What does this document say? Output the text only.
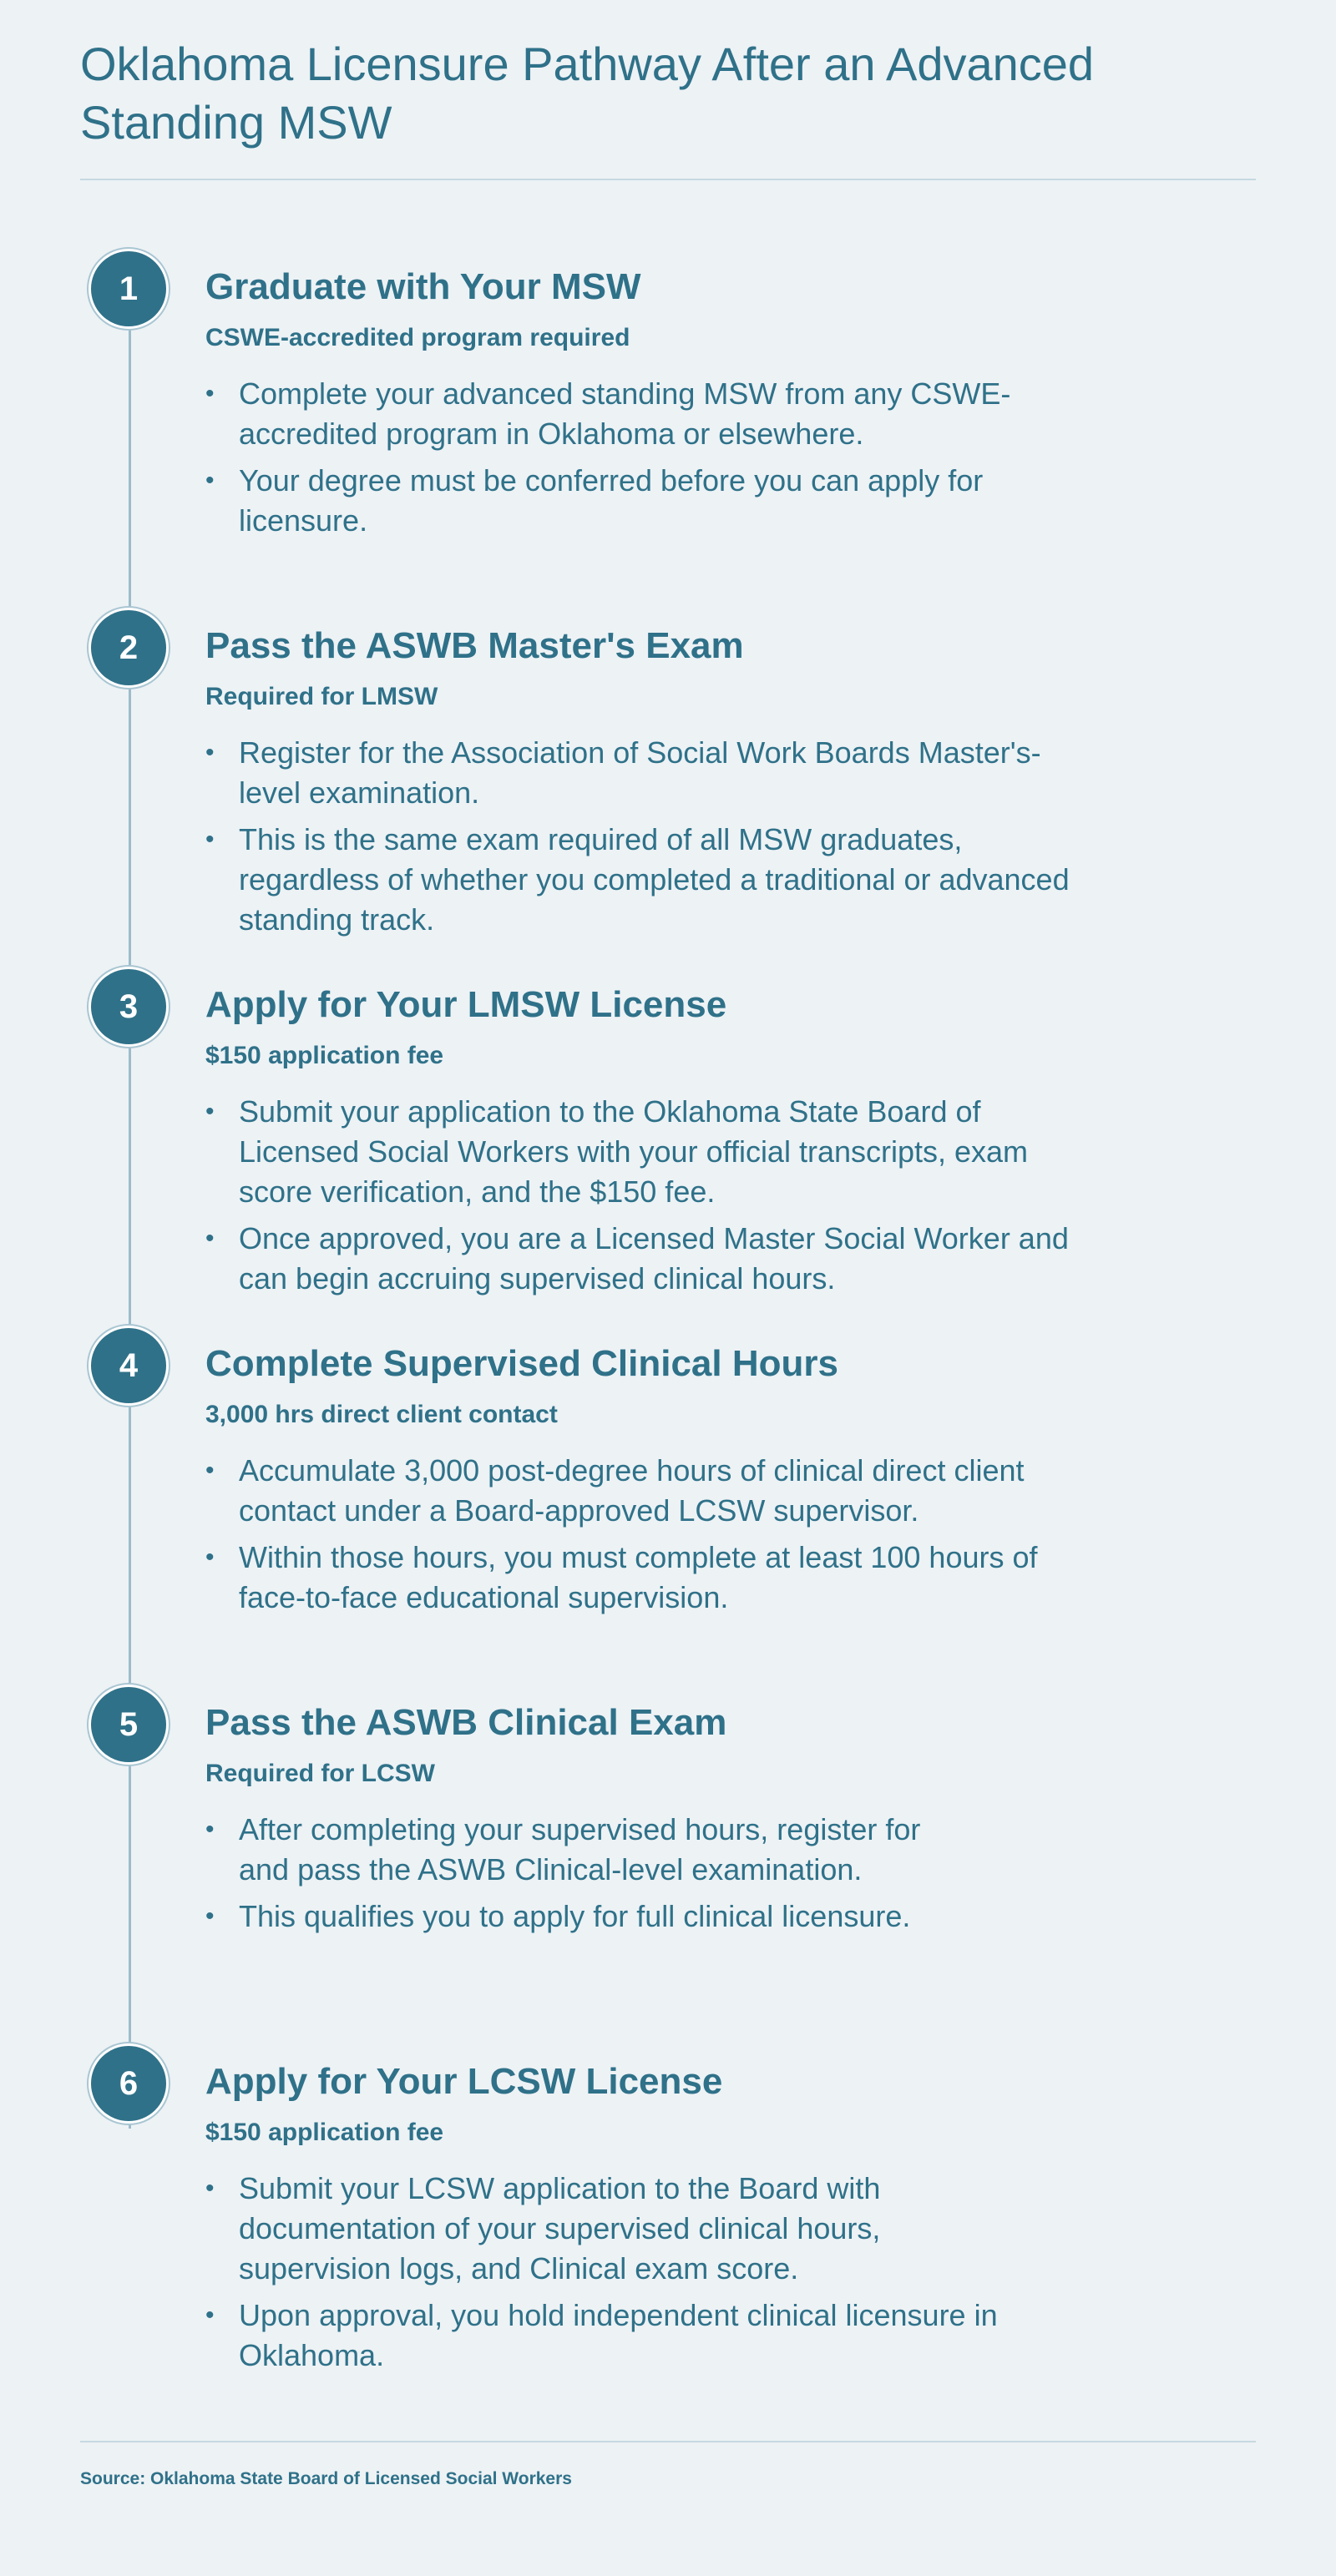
Oklahoma Licensure Pathway After an Advanced Standing MSW
1	Graduate with Your MSW
CSWE-accredited program required
• Complete your advanced standing MSW from any CSWE-accredited program in Oklahoma or elsewhere.
• Your degree must be conferred before you can apply for licensure.
2	Pass the ASWB Master's Exam
Required for LMSW
• Register for the Association of Social Work Boards Master's-level examination.
• This is the same exam required of all MSW graduates, regardless of whether you completed a traditional or advanced standing track.
3	Apply for Your LMSW License
$150 application fee
• Submit your application to the Oklahoma State Board of Licensed Social Workers with your official transcripts, exam score verification, and the $150 fee.
• Once approved, you are a Licensed Master Social Worker and can begin accruing supervised clinical hours.
4	Complete Supervised Clinical Hours
3,000 hrs direct client contact
• Accumulate 3,000 post-degree hours of clinical direct client contact under a Board-approved LCSW supervisor.
• Within those hours, you must complete at least 100 hours of face-to-face educational supervision.
5	Pass the ASWB Clinical Exam
Required for LCSW
• After completing your supervised hours, register for and pass the ASWB Clinical-level examination.
• This qualifies you to apply for full clinical licensure.
6	Apply for Your LCSW License
$150 application fee
• Submit your LCSW application to the Board with documentation of your supervised clinical hours, supervision logs, and Clinical exam score.
• Upon approval, you hold independent clinical licensure in Oklahoma.
Source: Oklahoma State Board of Licensed Social Workers
